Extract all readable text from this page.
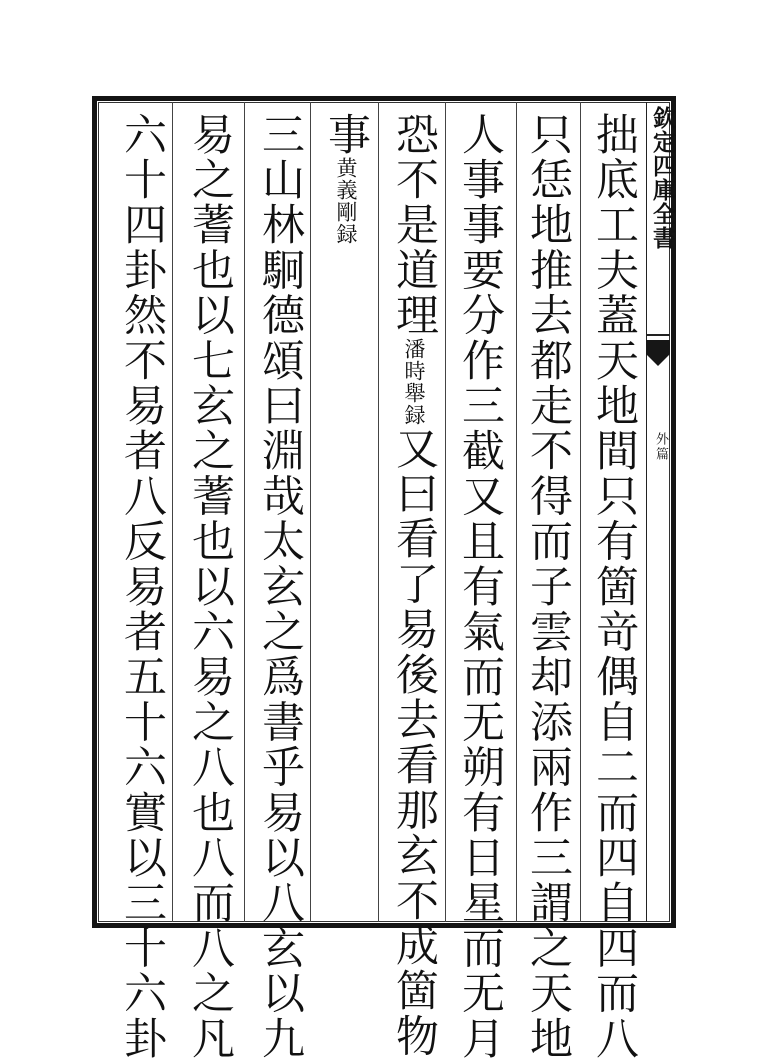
欽定四庫全書
外篇
拙底工夫蓋天地間只有箇竒偶自二而四自四而八
只恁地推去都走不得而子雲却添兩作三謂之天地
人事事要分作三截又且有氣而无朔有日星而无月
恐不是道理潘時舉録又曰看了易後去看那玄不成箇物
事黄義剛録
三山林駉德頌曰淵哉太玄之爲書乎易以八玄以九
易之蓍也以七玄之蓍也以六易之八也八而八之凡
六十四卦然不易者八反易者五十六實以三十六卦
